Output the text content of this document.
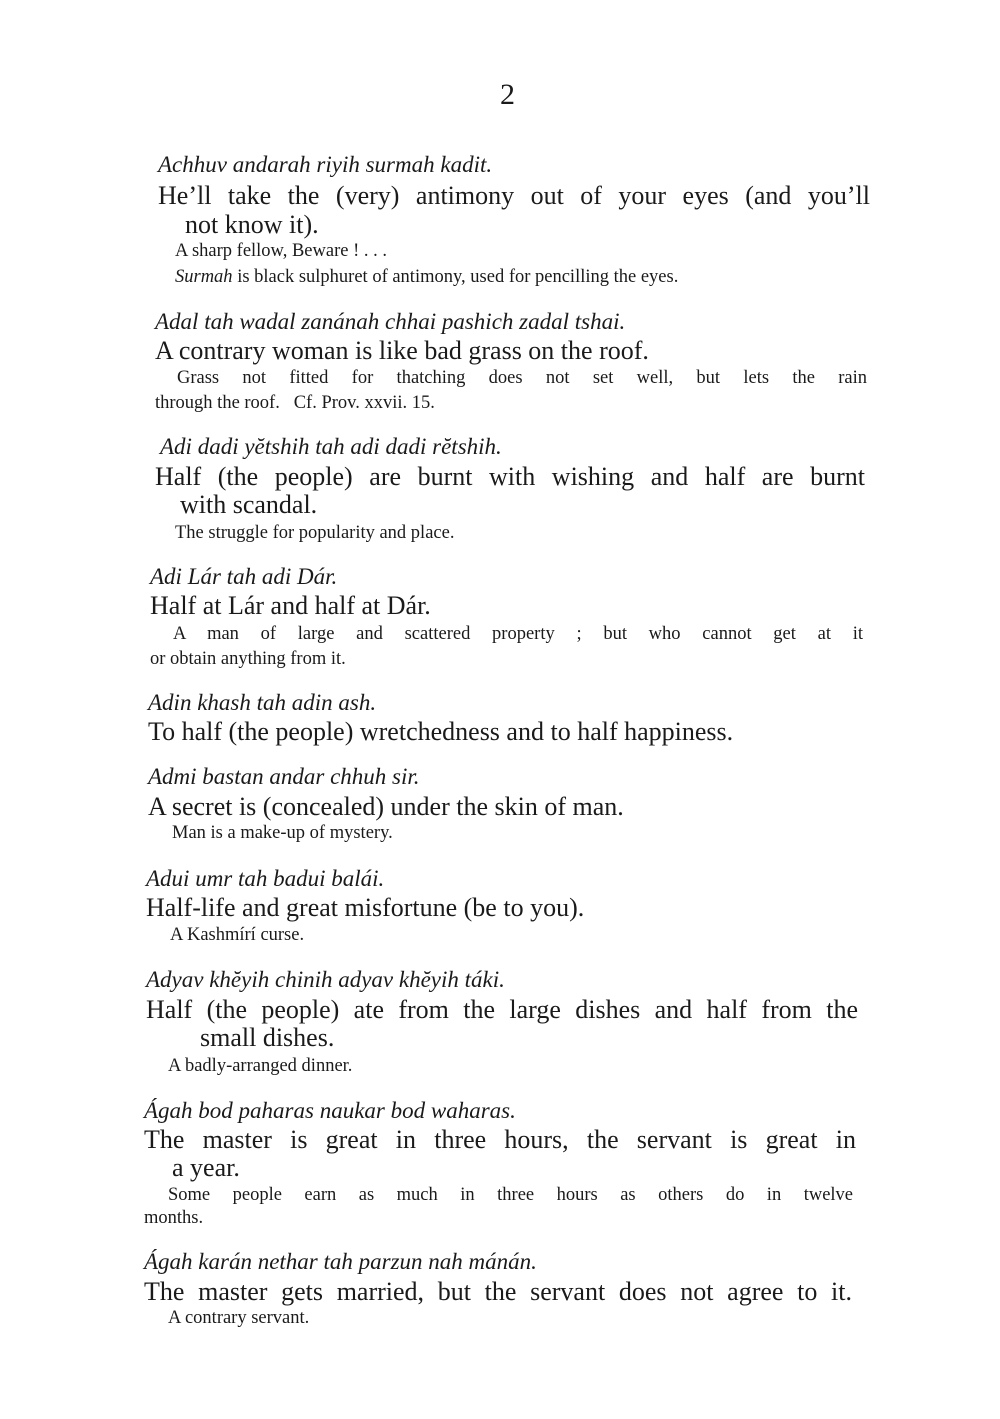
2
Achhuv andarah riyih surmah kadit.
He’ll take the (very) antimony out of your eyes (and you’ll
not know it).
A sharp fellow, Beware ! . . .
Surmah is black sulphuret of antimony, used for pencilling the eyes.
Adal tah wadal zanánah chhai pashich zadal tshai.
A contrary woman is like bad grass on the roof.
Grass not fitted for thatching does not set well, but lets the rain
through the roof.   Cf. Prov. xxvii. 15.
Adi dadi yĕtshih tah adi dadi rĕtshih.
Half (the people) are burnt with wishing and half are burnt
with scandal.
The struggle for popularity and place.
Adi Lár tah adi Dár.
Half at Lár and half at Dár.
A man of large and scattered property ; but who cannot get at it
or obtain anything from it.
Adin khash tah adin ash.
To half (the people) wretchedness and to half happiness.
Admi bastan andar chhuh sir.
A secret is (concealed) under the skin of man.
Man is a make-up of mystery.
Adui umr tah badui balái.
Half-life and great misfortune (be to you).
A Kashmírí curse.
Adyav khĕyih chinih adyav khĕyih táki.
Half (the people) ate from the large dishes and half from the
small dishes.
A badly-arranged dinner.
Ágah bod paharas naukar bod waharas.
The master is great in three hours, the servant is great in
a year.
Some people earn as much in three hours as others do in twelve
months.
Ágah karán nethar tah parzun nah mánán.
The master gets married, but the servant does not agree to it.
A contrary servant.
